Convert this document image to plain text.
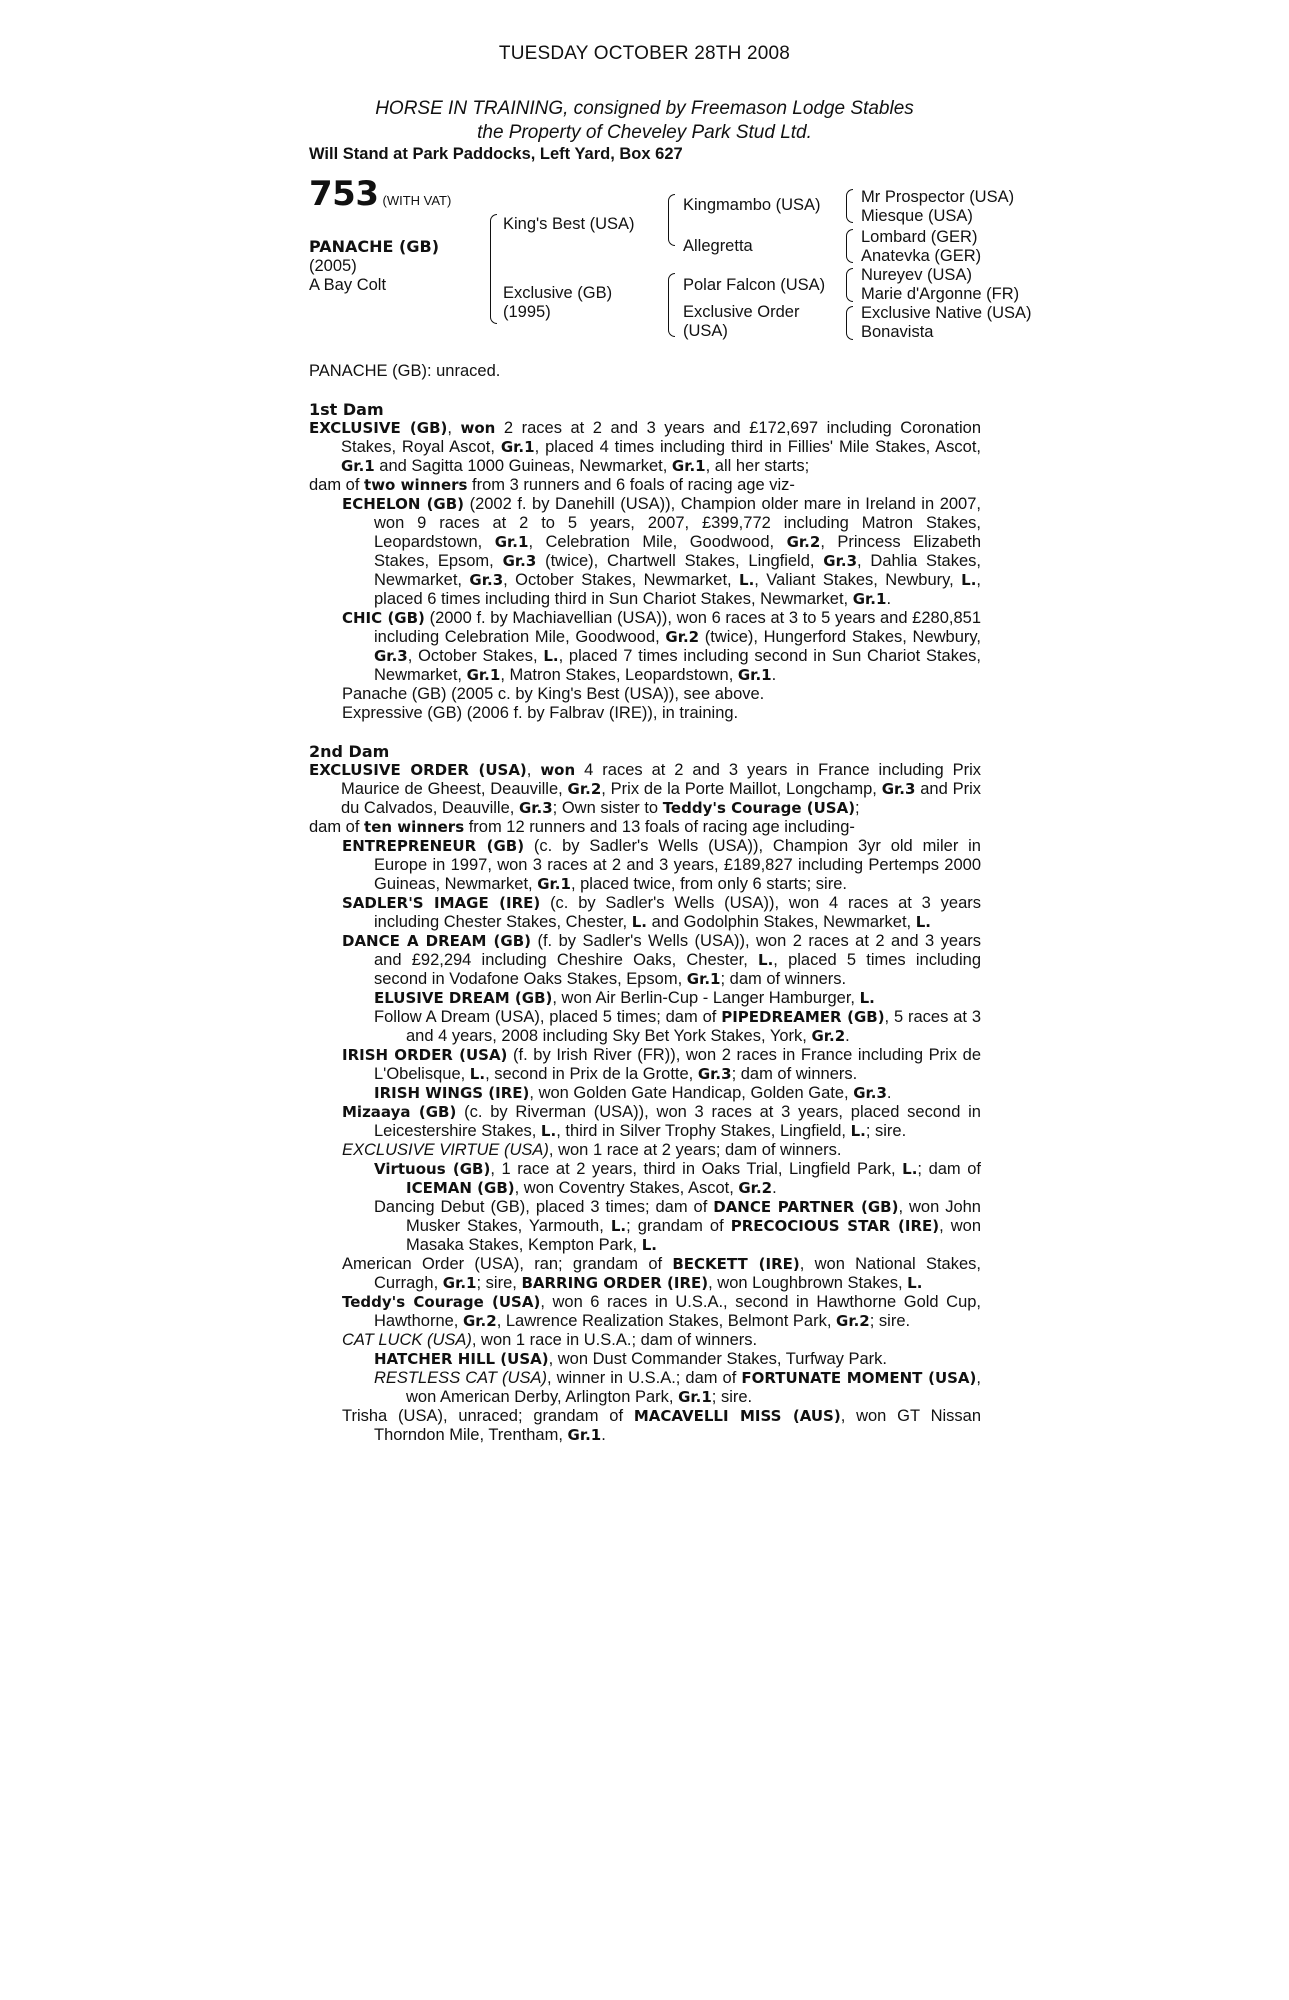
TUESDAY OCTOBER 28TH 2008
HORSE IN TRAINING, consigned by Freemason Lodge Stables
the Property of Cheveley Park Stud Ltd.
Will Stand at Park Paddocks, Left Yard, Box 627
753 (WITH VAT)
PANACHE (GB)
(2005)
A Bay Colt
King's Best (USA)
Exclusive (GB)
(1995)
Kingmambo (USA)
Allegretta
Polar Falcon (USA)
Exclusive Order
(USA)
Mr Prospector (USA)
Miesque (USA)
Lombard (GER)
Anatevka (GER)
Nureyev (USA)
Marie d'Argonne (FR)
Exclusive Native (USA)
Bonavista
PANACHE (GB): unraced.
1st Dam

EXCLUSIVE (GB), won 2 races at 2 and 3 years and £172,697 including Coronation Stakes, Royal Ascot, Gr.1, placed 4 times including third in Fillies' Mile Stakes, Ascot, Gr.1 and Sagitta 1000 Guineas, Newmarket, Gr.1, all her starts;

dam of two winners from 3 runners and 6 foals of racing age viz-

ECHELON (GB) (2002 f. by Danehill (USA)), Champion older mare in Ireland in 2007, won 9 races at 2 to 5 years, 2007, £399,772 including Matron Stakes, Leopardstown, Gr.1, Celebration Mile, Goodwood, Gr.2, Princess Elizabeth Stakes, Epsom, Gr.3 (twice), Chartwell Stakes, Lingfield, Gr.3, Dahlia Stakes, Newmarket, Gr.3, October Stakes, Newmarket, L., Valiant Stakes, Newbury, L., placed 6 times including third in Sun Chariot Stakes, Newmarket, Gr.1.

CHIC (GB) (2000 f. by Machiavellian (USA)), won 6 races at 3 to 5 years and £280,851 including Celebration Mile, Goodwood, Gr.2 (twice), Hungerford Stakes, Newbury, Gr.3, October Stakes, L., placed 7 times including second in Sun Chariot Stakes, Newmarket, Gr.1, Matron Stakes, Leopardstown, Gr.1.

Panache (GB) (2005 c. by King's Best (USA)), see above.

Expressive (GB) (2006 f. by Falbrav (IRE)), in training.

2nd Dam

EXCLUSIVE ORDER (USA), won 4 races at 2 and 3 years in France including Prix Maurice de Gheest, Deauville, Gr.2, Prix de la Porte Maillot, Longchamp, Gr.3 and Prix du Calvados, Deauville, Gr.3; Own sister to Teddy's Courage (USA);

dam of ten winners from 12 runners and 13 foals of racing age including-

ENTREPRENEUR (GB) (c. by Sadler's Wells (USA)), Champion 3yr old miler in Europe in 1997, won 3 races at 2 and 3 years, £189,827 including Pertemps 2000 Guineas, Newmarket, Gr.1, placed twice, from only 6 starts; sire.

SADLER'S IMAGE (IRE) (c. by Sadler's Wells (USA)), won 4 races at 3 years including Chester Stakes, Chester, L. and Godolphin Stakes, Newmarket, L.

DANCE A DREAM (GB) (f. by Sadler's Wells (USA)), won 2 races at 2 and 3 years and £92,294 including Cheshire Oaks, Chester, L., placed 5 times including second in Vodafone Oaks Stakes, Epsom, Gr.1; dam of winners.

ELUSIVE DREAM (GB), won Air Berlin-Cup - Langer Hamburger, L.

Follow A Dream (USA), placed 5 times; dam of PIPEDREAMER (GB), 5 races at 3 and 4 years, 2008 including Sky Bet York Stakes, York, Gr.2.

IRISH ORDER (USA) (f. by Irish River (FR)), won 2 races in France including Prix de L'Obelisque, L., second in Prix de la Grotte, Gr.3; dam of winners.

IRISH WINGS (IRE), won Golden Gate Handicap, Golden Gate, Gr.3.

Mizaaya (GB) (c. by Riverman (USA)), won 3 races at 3 years, placed second in Leicestershire Stakes, L., third in Silver Trophy Stakes, Lingfield, L.; sire.

EXCLUSIVE VIRTUE (USA), won 1 race at 2 years; dam of winners.

Virtuous (GB), 1 race at 2 years, third in Oaks Trial, Lingfield Park, L.; dam of ICEMAN (GB), won Coventry Stakes, Ascot, Gr.2.

Dancing Debut (GB), placed 3 times; dam of DANCE PARTNER (GB), won John Musker Stakes, Yarmouth, L.; grandam of PRECOCIOUS STAR (IRE), won Masaka Stakes, Kempton Park, L.

American Order (USA), ran; grandam of BECKETT (IRE), won National Stakes, Curragh, Gr.1; sire, BARRING ORDER (IRE), won Loughbrown Stakes, L.

Teddy's Courage (USA), won 6 races in U.S.A., second in Hawthorne Gold Cup, Hawthorne, Gr.2, Lawrence Realization Stakes, Belmont Park, Gr.2; sire.

CAT LUCK (USA), won 1 race in U.S.A.; dam of winners.

HATCHER HILL (USA), won Dust Commander Stakes, Turfway Park.

RESTLESS CAT (USA), winner in U.S.A.; dam of FORTUNATE MOMENT (USA), won American Derby, Arlington Park, Gr.1; sire.

Trisha (USA), unraced; grandam of MACAVELLI MISS (AUS), won GT Nissan Thorndon Mile, Trentham, Gr.1.
